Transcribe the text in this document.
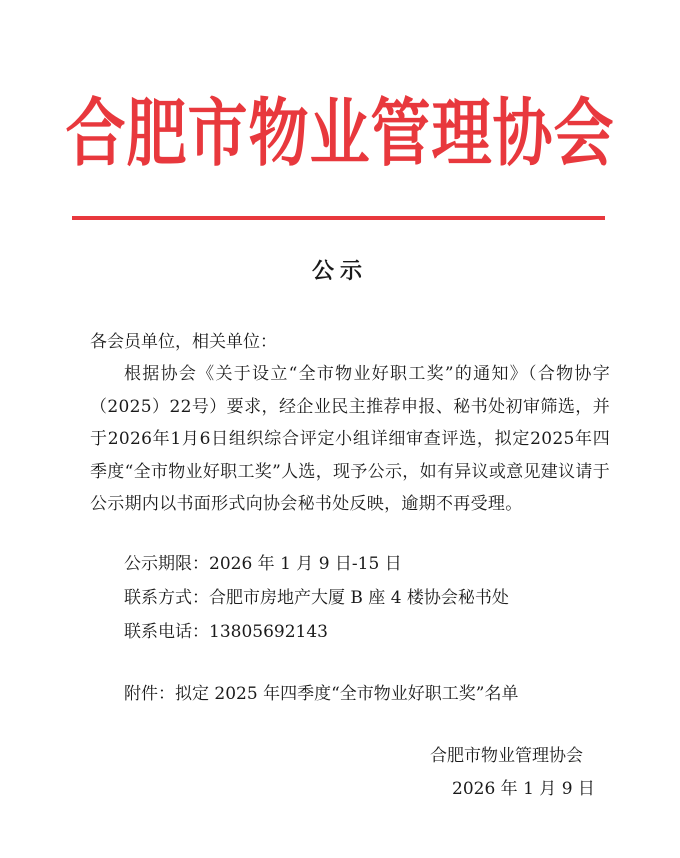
合肥市物业管理协会
公示
各会员单位，相关单位：
根据协会《关于设立“全市物业好职工奖”的通知》（合物协字（2025）22号）要求，经企业民主推荐申报、秘书处初审筛选，并于2026年1月6日组织综合评定小组详细审查评选，拟定2025年四季度“全市物业好职工奖”人选，现予公示，如有异议或意见建议请于公示期内以书面形式向协会秘书处反映，逾期不再受理。
公示期限：2026 年 1 月 9 日-15 日
联系方式：合肥市房地产大厦 B 座 4 楼协会秘书处
联系电话：13805692143
附件：拟定 2025 年四季度“全市物业好职工奖”名单
合肥市物业管理协会
2026 年 1 月 9 日
